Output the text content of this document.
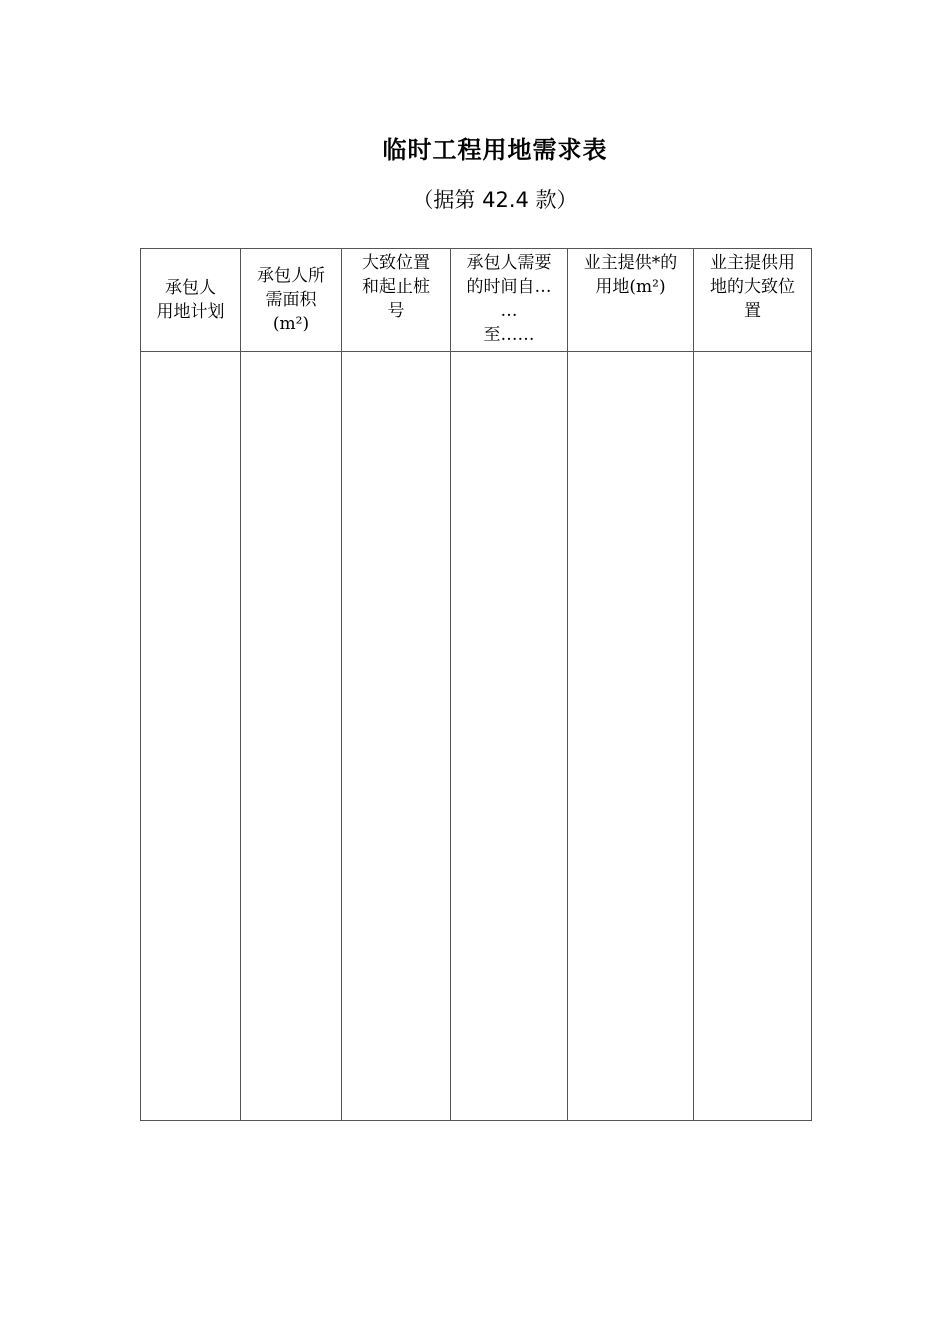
临时工程用地需求表
（据第 42.4 款）
承包人
用地计划	承包人所
需面积
(m²)	大致位置
和起止桩
号	承包人需要
的时间自…
…
至……	业主提供*的
用地(m²)	业主提供用
地的大致位
置
